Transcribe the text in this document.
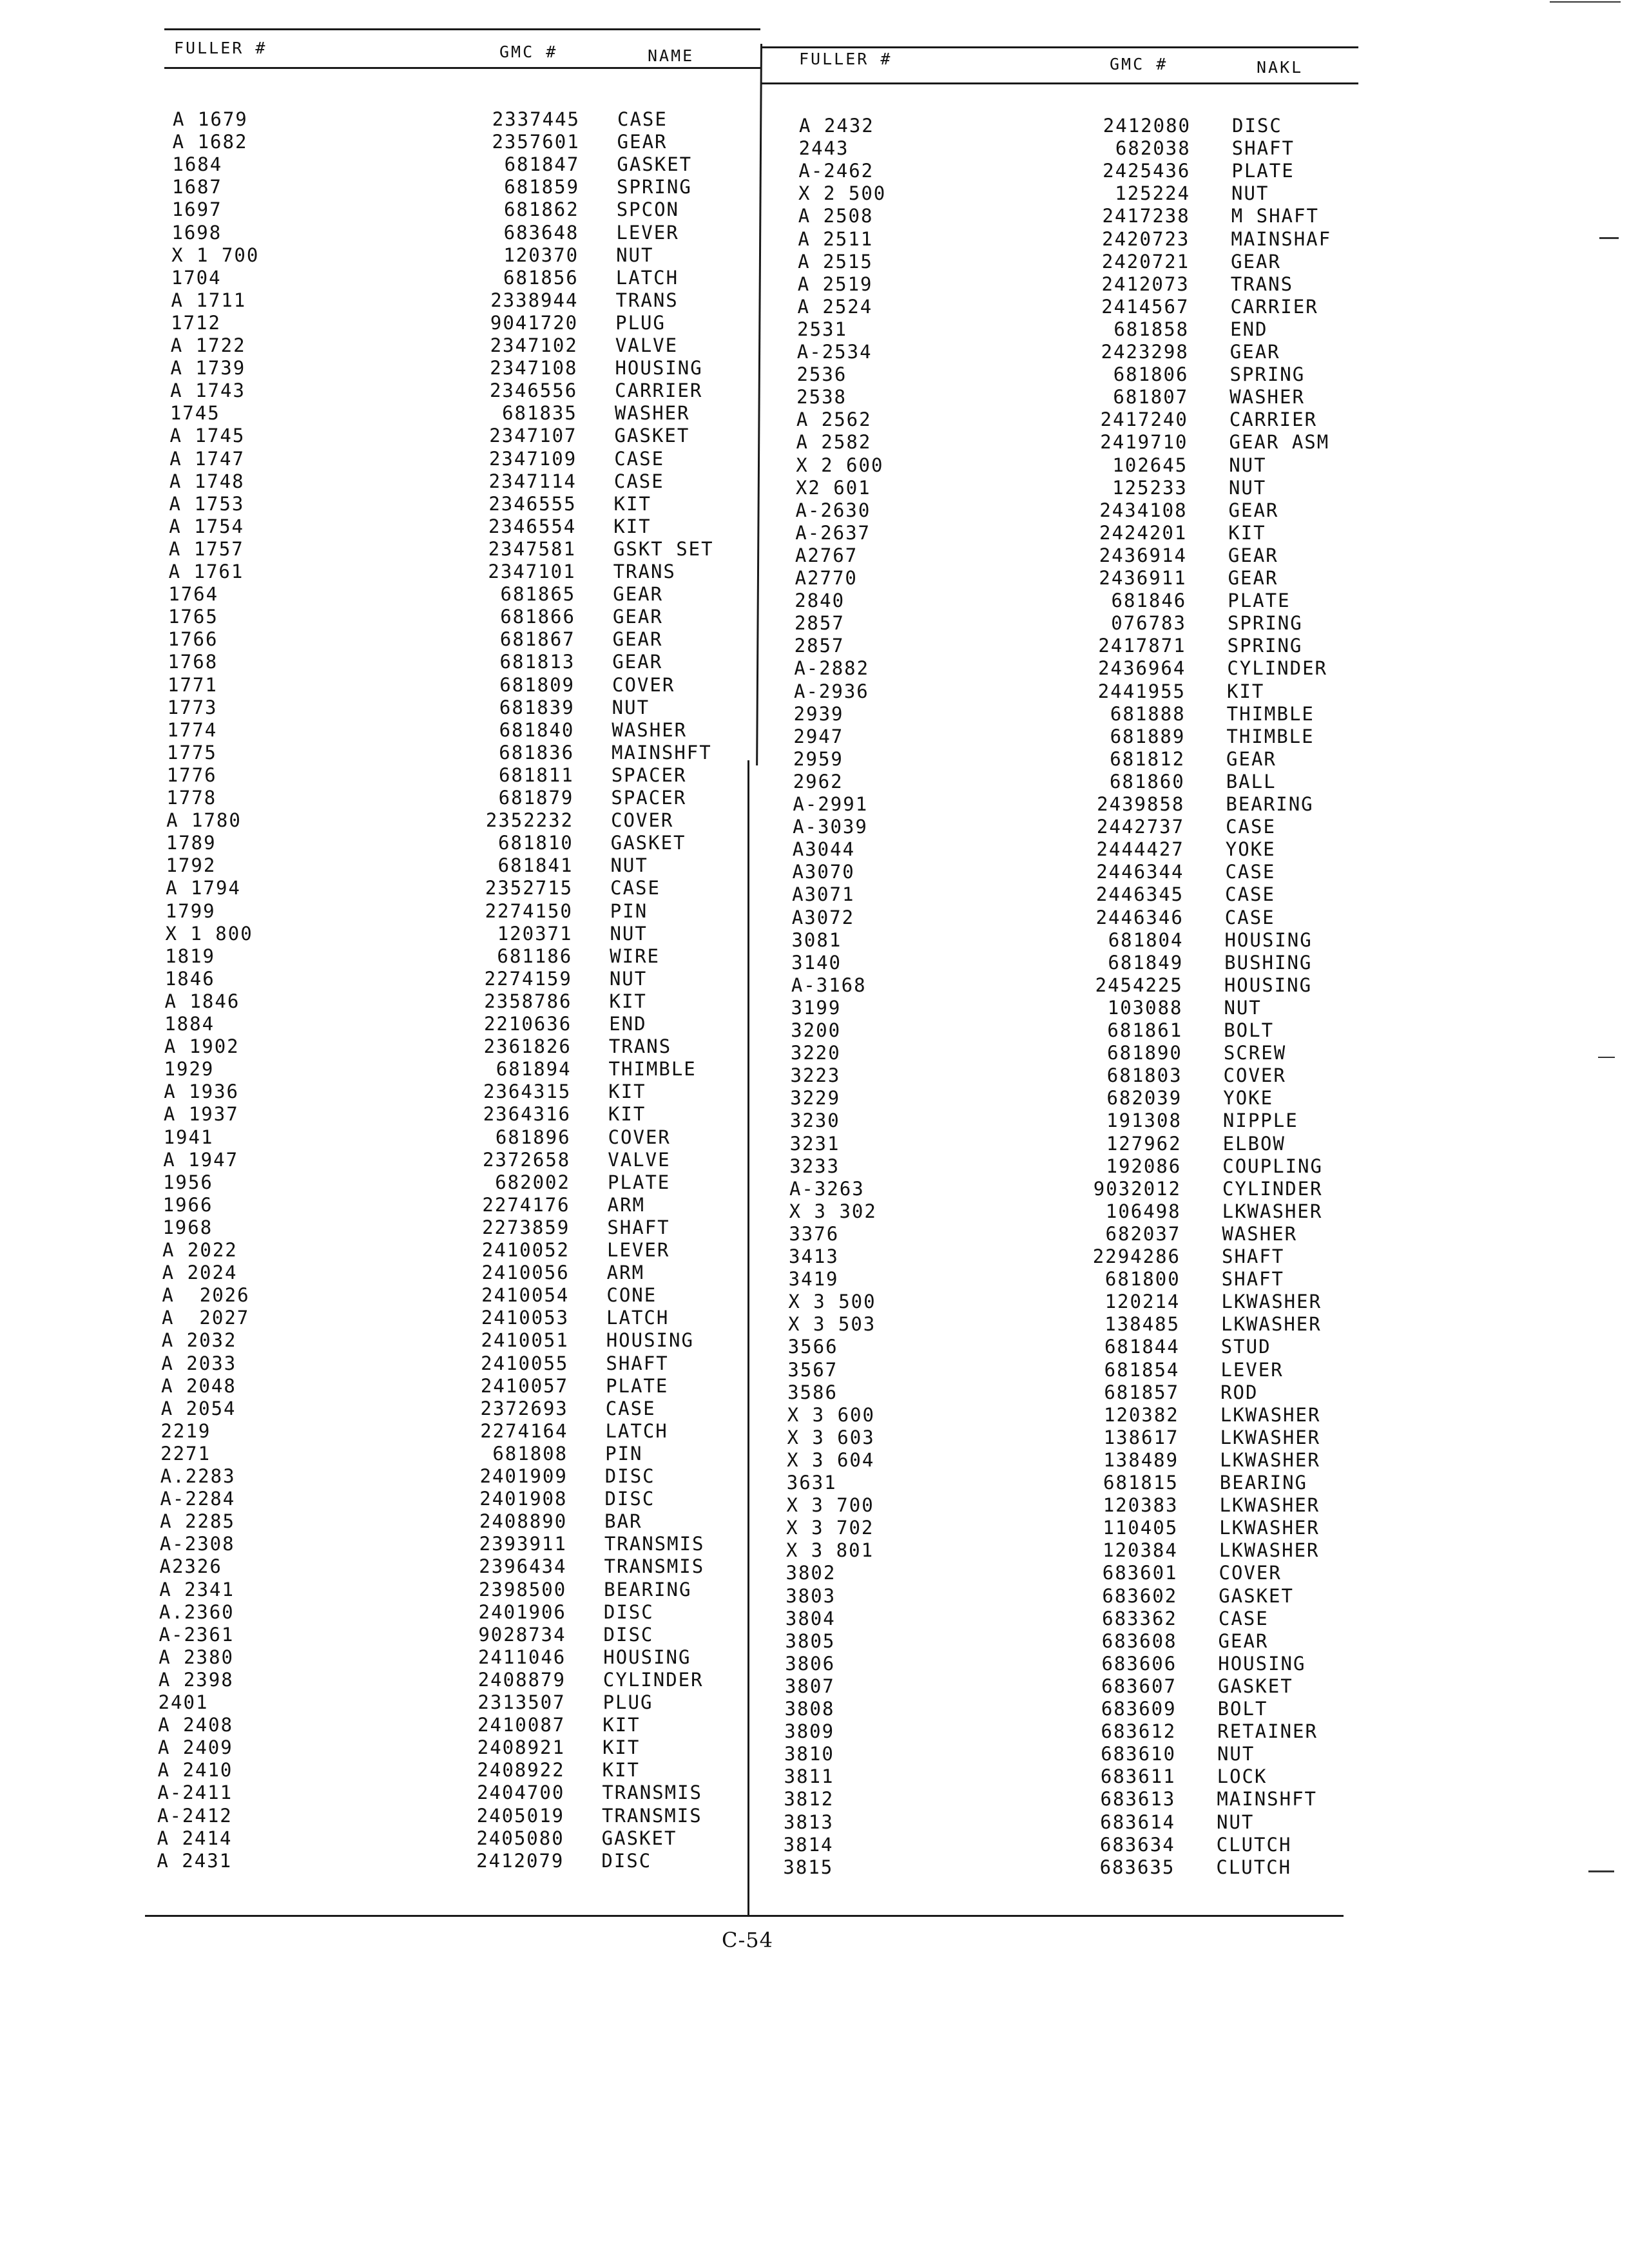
FULLER #	GMC #	NAME	FULLER #	GMC #	NAKL
A 1679	2337445 CASE
A 1682	2357601 GEAR
1684	681847 GASKET
1687	681859 SPRING
1697	681862 SPCON
1698	683648 LEVER
X 1 700	120370 NUT
1704	681856 LATCH
A 1711	2338944 TRANS
1712	9041720 PLUG
A 1722	2347102 VALVE
A 1739	2347108 HOUSING
A 1743	2346556 CARRIER
1745	681835 WASHER
A 1745	2347107 GASKET
A 1747	2347109 CASE
A 1748	2347114 CASE
A 1753	2346555 KIT
A 1754	2346554 KIT
A 1757	2347581 GSKT SET
A 1761	2347101 TRANS
1764	681865 GEAR
1765	681866 GEAR
1766	681867 GEAR
1768	681813 GEAR
1771	681809 COVER
1773	681839 NUT
1774	681840 WASHER
1775	681836 MAINSHFT
1776	681811 SPACER
1778	681879 SPACER
A 1780	2352232 COVER
1789	681810 GASKET
1792	681841 NUT
A 1794	2352715 CASE
1799	2274150 PIN
X 1 800	120371 NUT
1819	681186 WIRE
1846	2274159 NUT
A 1846	2358786 KIT
1884	2210636 END
A 1902	2361826 TRANS
1929	681894 THIMBLE
A 1936	2364315 KIT
A 1937	2364316 KIT
1941	681896 COVER
A 1947	2372658 VALVE
1956	682002 PLATE
1966	2274176 ARM
1968	2273859 SHAFT
A 2022	2410052 LEVER
A 2024	2410056 ARM
A  2026	2410054 CONE
A  2027	2410053 LATCH
A 2032	2410051 HOUSING
A 2033	2410055 SHAFT
A 2048	2410057 PLATE
A 2054	2372693 CASE
2219	2274164 LATCH
2271	681808 PIN
A.2283	2401909 DISC
A-2284	2401908 DISC
A 2285	2408890 BAR
A-2308	2393911 TRANSMIS
A2326	2396434 TRANSMIS
A 2341	2398500 BEARING
A.2360	2401906 DISC
A-2361	9028734 DISC
A 2380	2411046 HOUSING
A 2398	2408879 CYLINDER
2401	2313507 PLUG
A 2408	2410087 KIT
A 2409	2408921 KIT
A 2410	2408922 KIT
A-2411	2404700 TRANSMIS
A-2412	2405019 TRANSMIS
A 2414	2405080 GASKET
A 2431	2412079 DISC
A 2432	2412080 DISC
2443	682038 SHAFT
A-2462	2425436 PLATE
X 2 500	125224 NUT
A 2508	2417238 M SHAFT
A 2511	2420723 MAINSHAF
A 2515	2420721 GEAR
A 2519	2412073 TRANS
A 2524	2414567 CARRIER
2531	681858 END
A-2534	2423298 GEAR
2536	681806 SPRING
2538	681807 WASHER
A 2562	2417240 CARRIER
A 2582	2419710 GEAR ASM
X 2 600	102645 NUT
X2 601	125233 NUT
A-2630	2434108 GEAR
A-2637	2424201 KIT
A2767	2436914 GEAR
A2770	2436911 GEAR
2840	681846 PLATE
2857	076783 SPRING
2857	2417871 SPRING
A-2882	2436964 CYLINDER
A-2936	2441955 KIT
2939	681888 THIMBLE
2947	681889 THIMBLE
2959	681812 GEAR
2962	681860 BALL
A-2991	2439858 BEARING
A-3039	2442737 CASE
A3044	2444427 YOKE
A3070	2446344 CASE
A3071	2446345 CASE
A3072	2446346 CASE
3081	681804 HOUSING
3140	681849 BUSHING
A-3168	2454225 HOUSING
3199	103088 NUT
3200	681861 BOLT
3220	681890 SCREW
3223	681803 COVER
3229	682039 YOKE
3230	191308 NIPPLE
3231	127962 ELBOW
3233	192086 COUPLING
A-3263	9032012 CYLINDER
X 3 302	106498 LKWASHER
3376	682037 WASHER
3413	2294286 SHAFT
3419	681800 SHAFT
X 3 500	120214 LKWASHER
X 3 503	138485 LKWASHER
3566	681844 STUD
3567	681854 LEVER
3586	681857 ROD
X 3 600	120382 LKWASHER
X 3 603	138617 LKWASHER
X 3 604	138489 LKWASHER
3631	681815 BEARING
X 3 700	120383 LKWASHER
X 3 702	110405 LKWASHER
X 3 801	120384 LKWASHER
3802	683601 COVER
3803	683602 GASKET
3804	683362 CASE
3805	683608 GEAR
3806	683606 HOUSING
3807	683607 GASKET
3808	683609 BOLT
3809	683612 RETAINER
3810	683610 NUT
3811	683611 LOCK
3812	683613 MAINSHFT
3813	683614 NUT
3814	683634 CLUTCH
3815	683635 CLUTCH
C-54
